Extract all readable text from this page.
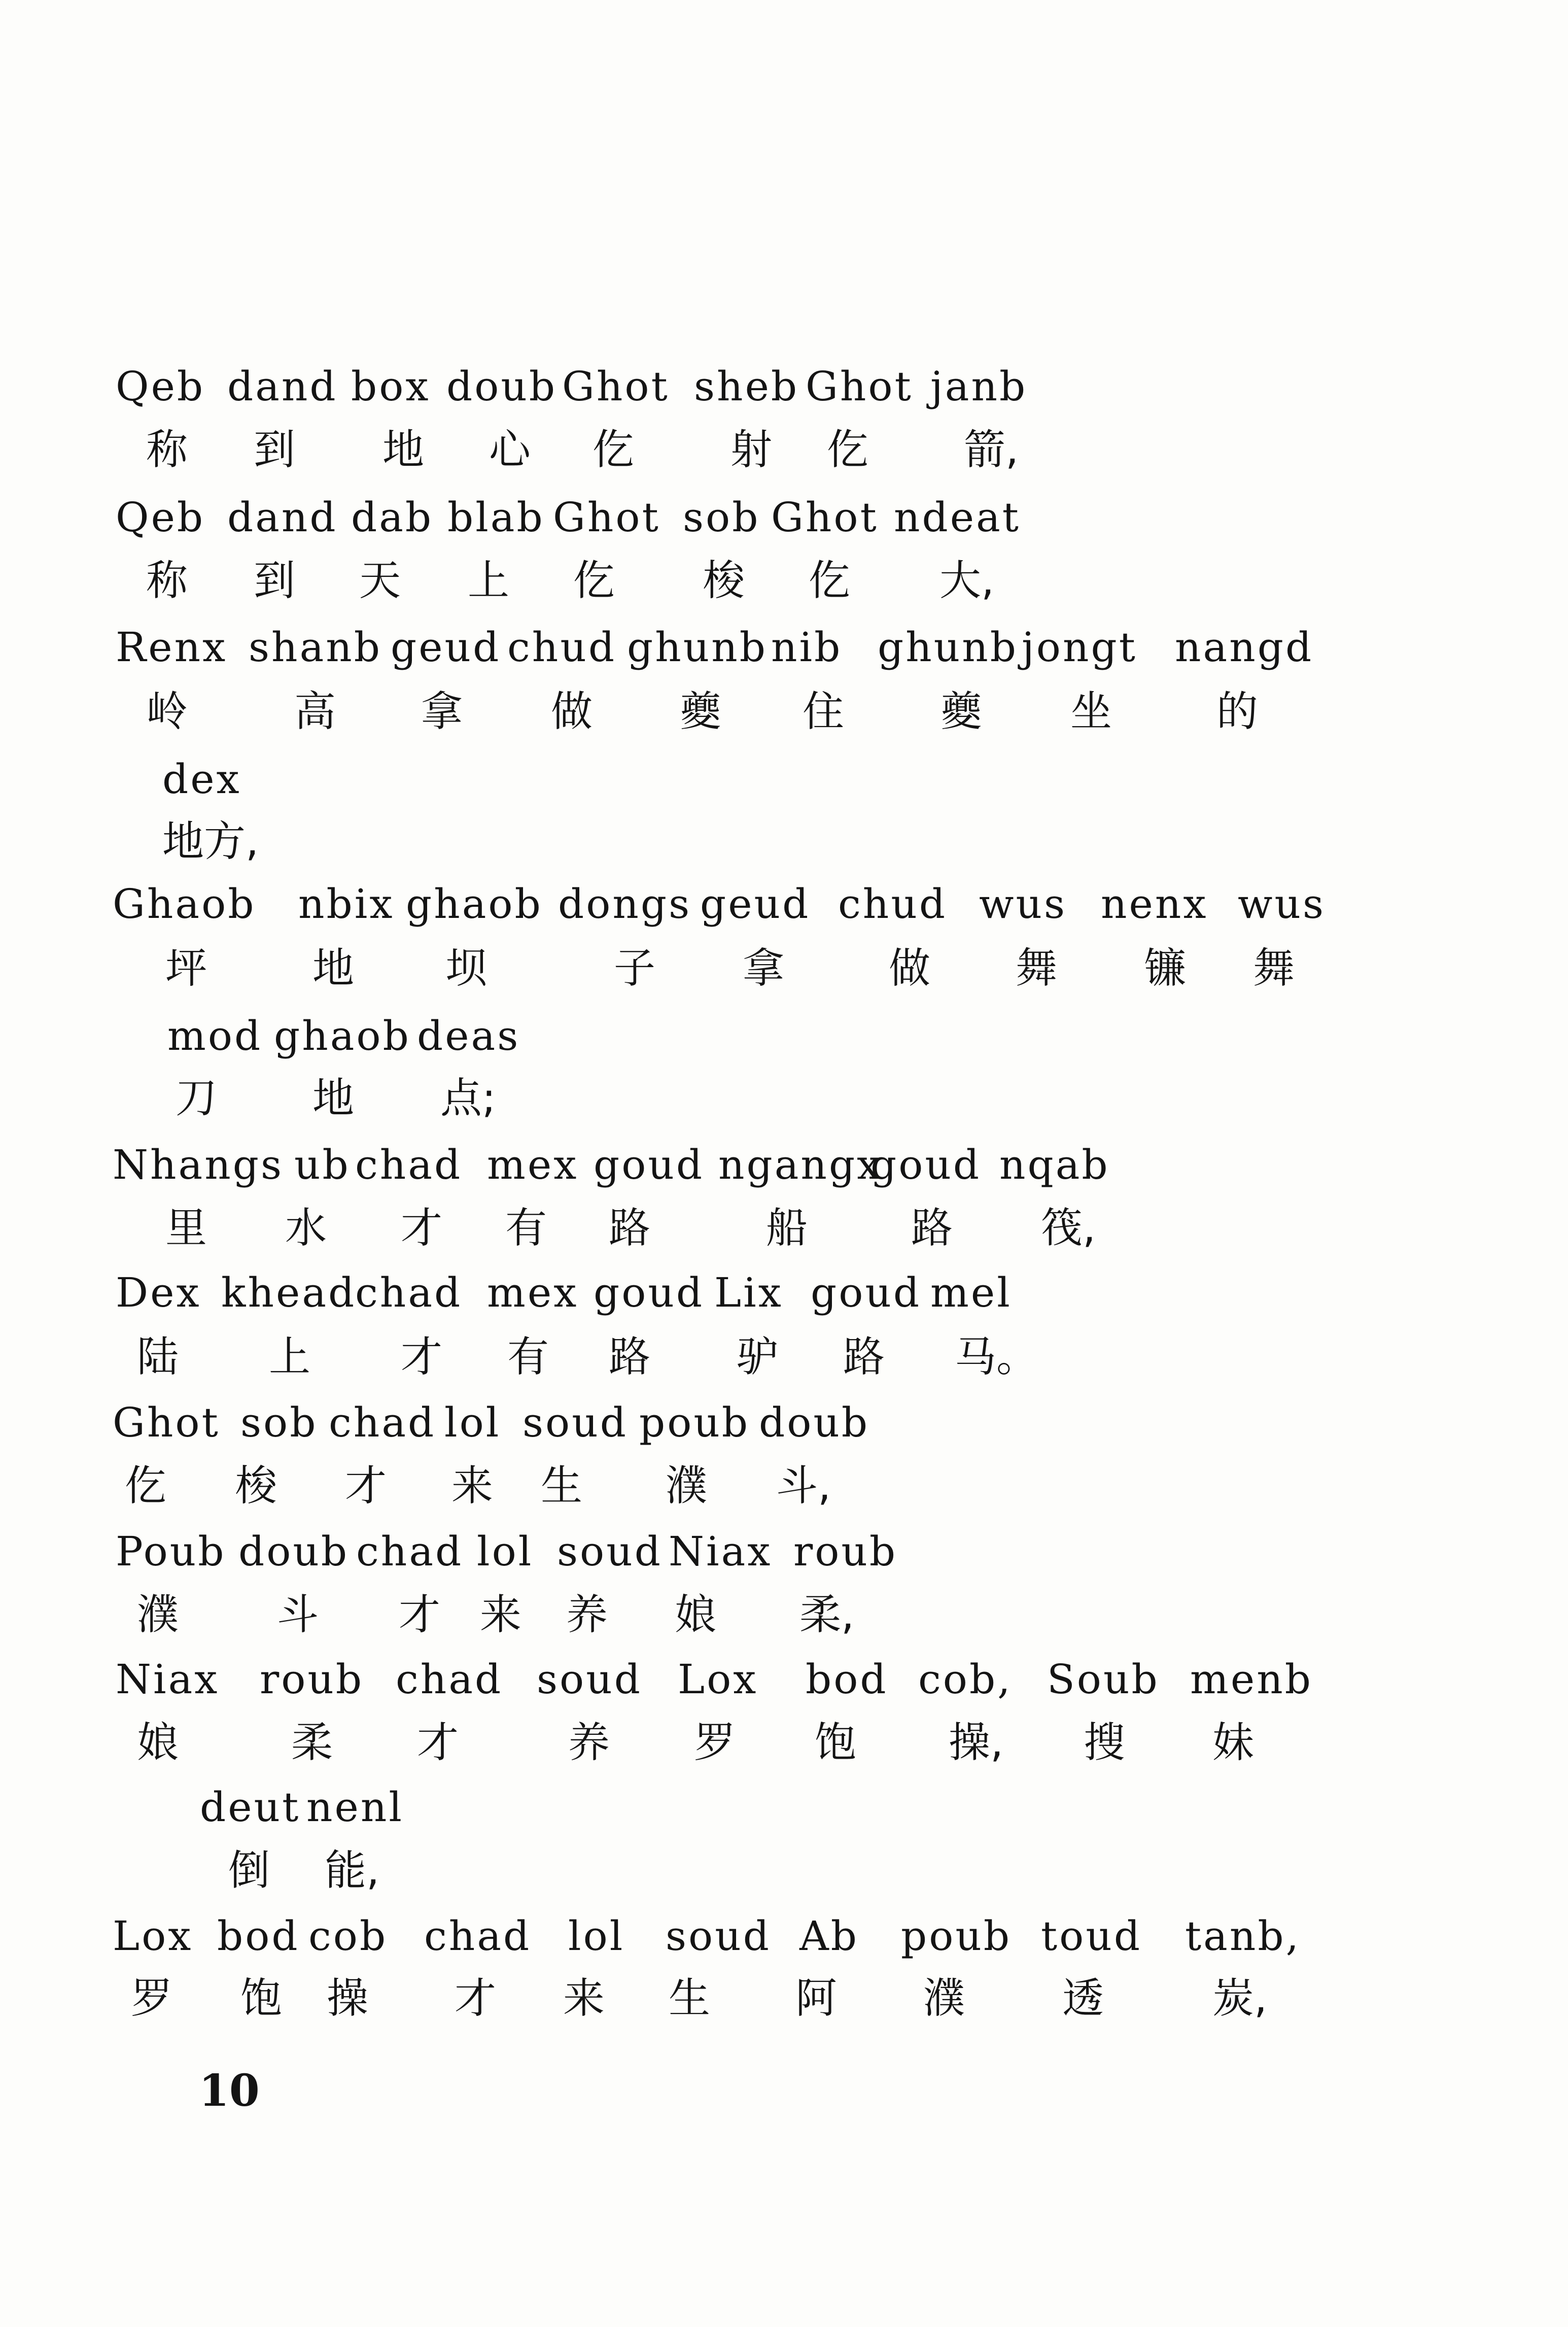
Qeb dand box doub Ghot sheb Ghot janb
称 到 地 心 仡 射 仡 箭,
Qeb dand dab blab Ghot sob Ghot ndeat
称 到 天 上 仡 梭 仡 大,
Renx shanb geud chud ghunb nib ghunb jongt nangd
岭	高 拿 做 夔 住 夔 坐	的
dex
地方,
Ghaob nbix ghaob dongs geud chud wus nenx wus
坪	地 坝	子 拿	做 舞 镰 舞
mod ghaob deas
刀 地 点;
Nhangs ub chad mex goud ngangx
goud nqab
里 水 才 有 路	船 路 筏,
Dex khead
chad mex goud Lix goud mel
陆 上 才 有 路 驴 路 马。
Ghot sob chad lol soud poub doub
仡 梭 才 来 生 濮 斗,
Poub doub chad lol soud Niax roub
濮 斗 才 来 养 娘 柔,
Niax roub chad soud Lox bod cob, Soub menb
娘	柔 才	养 罗 饱 操, 搜 妹
deut nenl
倒 能,
Lox bod cob chad lol soud Ab poub toud tanb,
罗 饱 操 才 来 生 阿 濮 透	炭,
10
